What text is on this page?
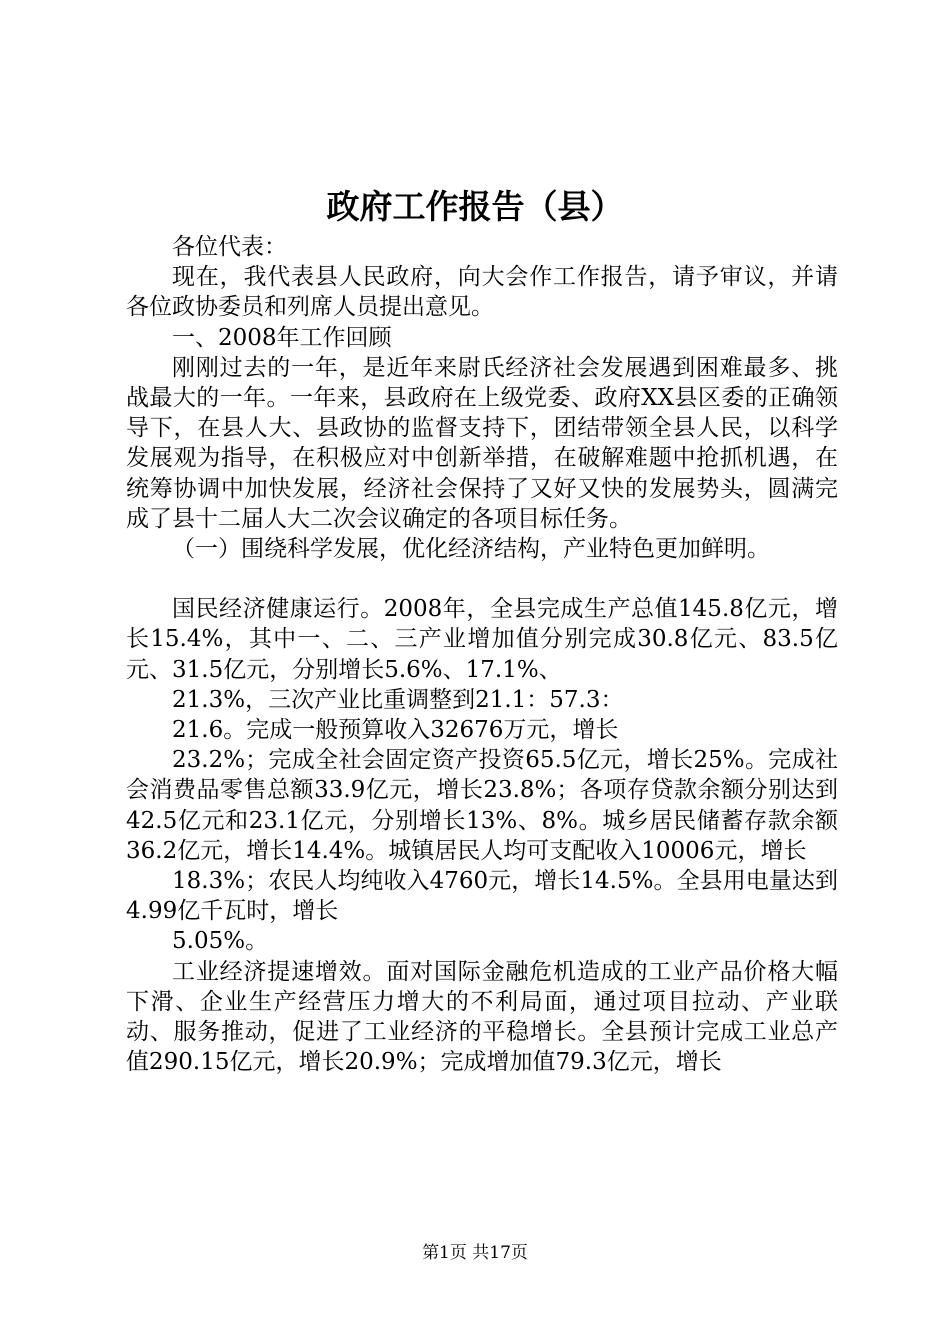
政府工作报告（县）

各位代表：

现在，我代表县人民政府，向大会作工作报告，请予审议，并请各位政协委员和列席人员提出意见。

一、2008年工作回顾

刚刚过去的一年，是近年来尉氏经济社会发展遇到困难最多、挑战最大的一年。一年来，县政府在上级党委、政府XX县区委的正确领导下，在县人大、县政协的监督支持下，团结带领全县人民，以科学发展观为指导，在积极应对中创新举措，在破解难题中抢抓机遇，在统筹协调中加快发展，经济社会保持了又好又快的发展势头，圆满完成了县十二届人大二次会议确定的各项目标任务。

（一）围绕科学发展，优化经济结构，产业特色更加鲜明。

国民经济健康运行。2008年，全县完成生产总值145.8亿元，增长15.4%，其中一、二、三产业增加值分别完成30.8亿元、83.5亿元、31.5亿元，分别增长5.6%、17.1%、

21.3%，三次产业比重调整到21.1：57.3：

21.6。完成一般预算收入32676万元，增长

23.2%；完成全社会固定资产投资65.5亿元，增长25%。完成社会消费品零售总额33.9亿元，增长23.8%；各项存贷款余额分别达到42.5亿元和23.1亿元，分别增长13%、8%。城乡居民储蓄存款余额36.2亿元，增长14.4%。城镇居民人均可支配收入10006元，增长

18.3%；农民人均纯收入4760元，增长14.5%。全县用电量达到4.99亿千瓦时，增长

5.05%。

工业经济提速增效。面对国际金融危机造成的工业产品价格大幅下滑、企业生产经营压力增大的不利局面，通过项目拉动、产业联动、服务推动，促进了工业经济的平稳增长。全县预计完成工业总产值290.15亿元，增长20.9%；完成增加值79.3亿元，增长

第1页 共17页
